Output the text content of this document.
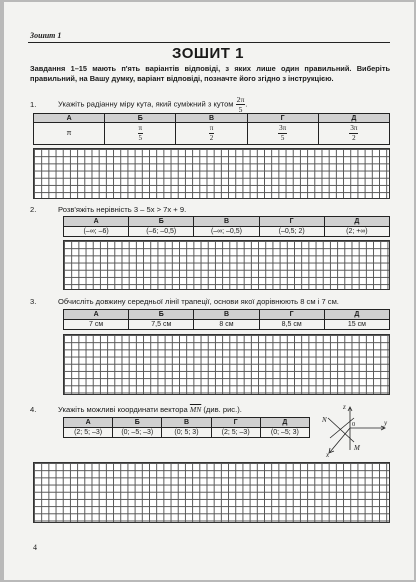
Зошит 1
ЗОШИТ 1
Завдання 1–15 мають п'ять варіантів відповіді, з яких лише один правильний. Виберіть правильний, на Вашу думку, варіант відповіді, позначте його згідно з інструкцією.
1.	Укажіть радіанну міру кута, який суміжний з кутом $\frac{2\pi}{5}$ .
А	Б	В	Г	Д
π	$\frac{\pi}{5}$	$\frac{\pi}{2}$	$\frac{3\pi}{5}$	$\frac{3\pi}{2}$
2.	Розв'яжіть нерівність 3 – 5x > 7x + 9.
А	Б	В	Г	Д
(–∞; –6)	(–6; –0,5)	(–∞; –0,5)	(–0,5; 2)	(2; +∞)
3.	Обчисліть довжину середньої лінії трапеції, основи якої дорівнюють 8 см і 7 см.
А	Б	В	Г	Д
7 см	7,5 см	8 см	8,5 см	15 см
4.	Укажіть можливі координати вектора $\overline{MN}$ (див. рис.).
А	Б	В	Г	Д
(2; 5; –3)	(0; –5; –3)	(0; 5; 3)	(2; 5; –3)	(0; –5; 3)
z
y
x
0
N
M
4
